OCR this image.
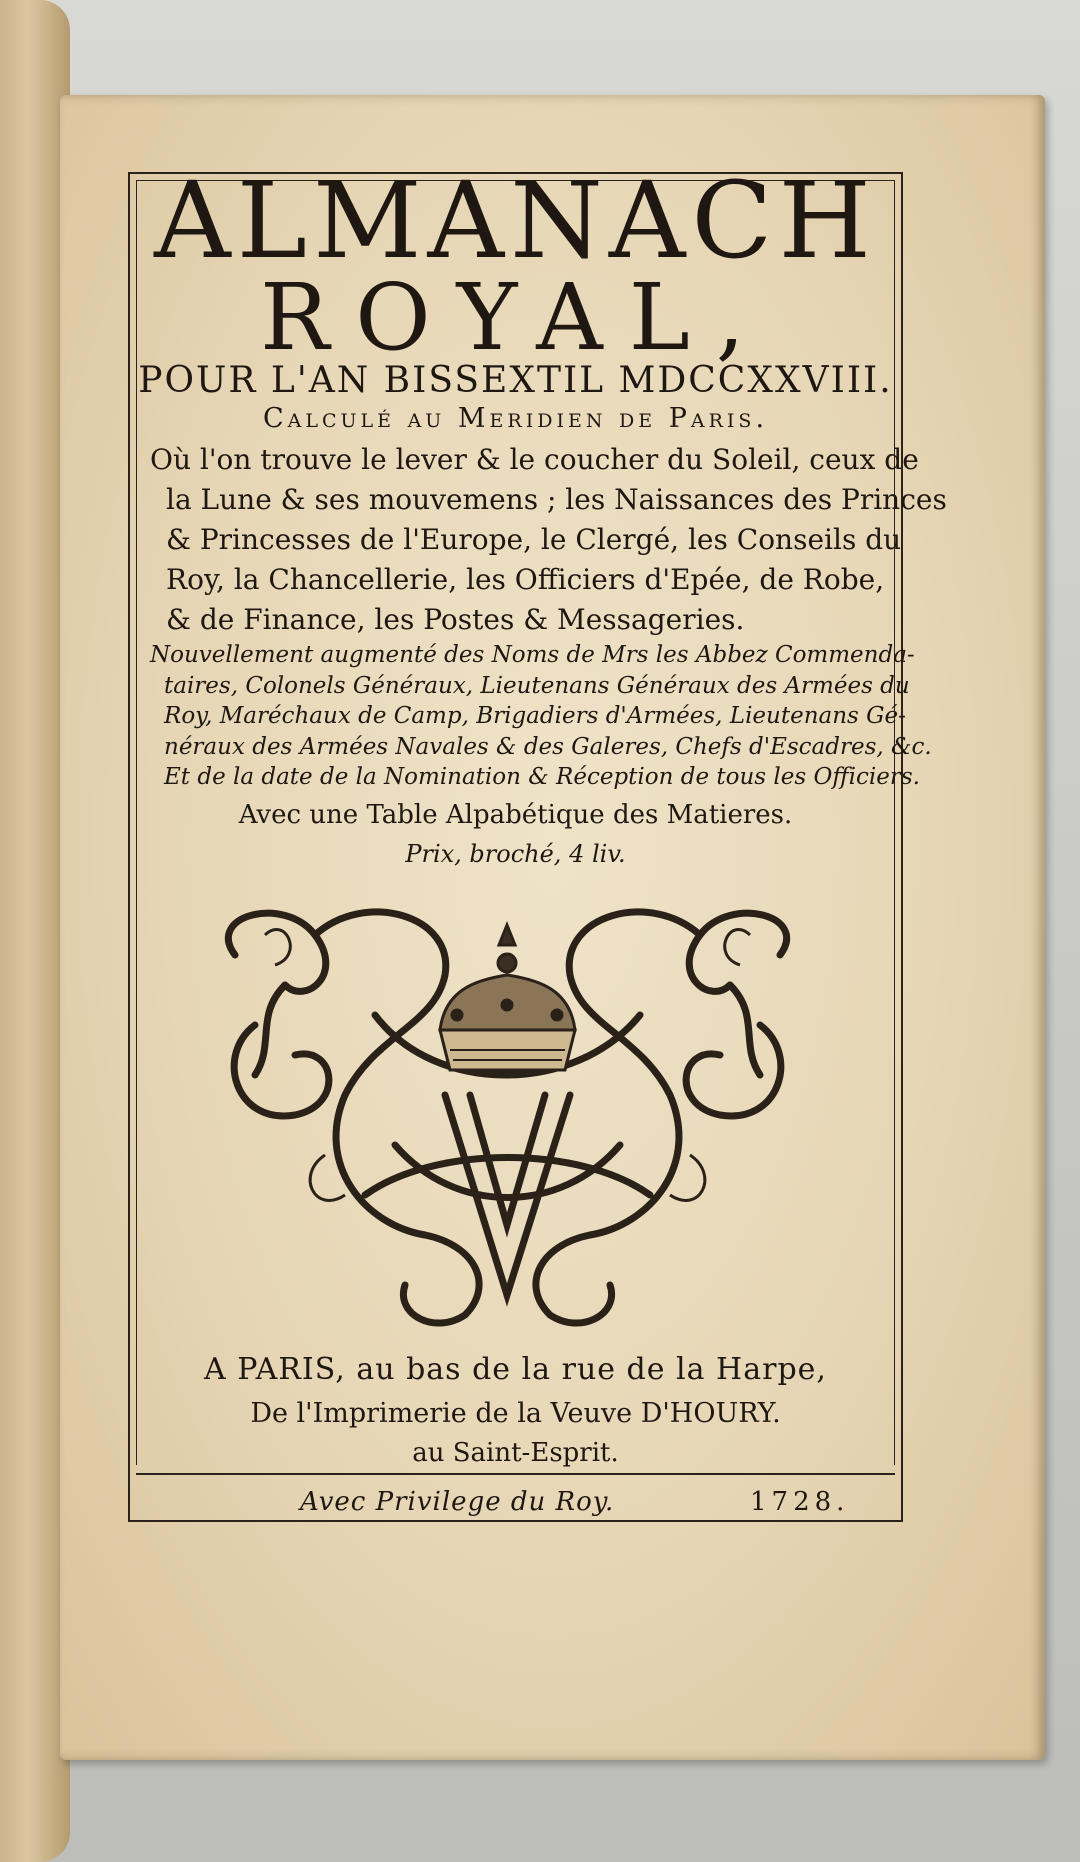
ALMANACH
ROYAL,
POUR L'AN BISSEXTIL MDCCXXVIII.
Calculé au Meridien de Paris.
Où l'on trouve le lever & le coucher du Soleil, ceux de
la Lune & ses mouvemens ; les Naissances des Princes
& Princesses de l'Europe, le Clergé, les Conseils du
Roy, la Chancellerie, les Officiers d'Epée, de Robe,
& de Finance, les Postes & Messageries.
Nouvellement augmenté des Noms de Mrs les Abbez Commenda-
taires, Colonels Généraux, Lieutenans Généraux des Armées du
Roy, Maréchaux de Camp, Brigadiers d'Armées, Lieutenans Gé-
néraux des Armées Navales & des Galeres, Chefs d'Escadres, &c.
Et de la date de la Nomination & Réception de tous les Officiers.
Avec une Table Alpabétique des Matieres.
Prix, broché, 4 liv.
A PARIS, au bas de la rue de la Harpe,
De l'Imprimerie de la Veuve D'HOURY.
au Saint-Esprit.
Avec Privilege du Roy.	1728.
